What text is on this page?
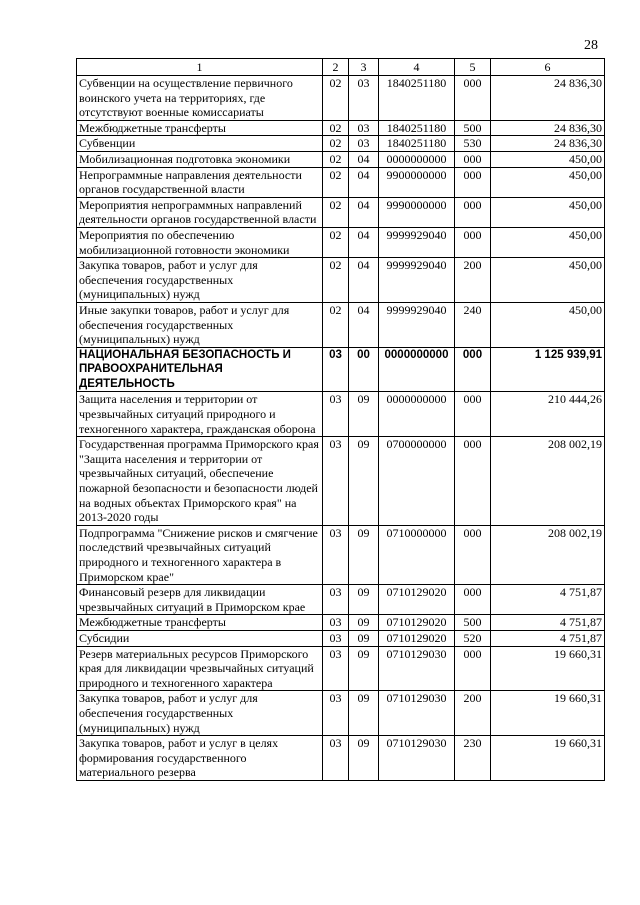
28
1	2	3	4	5	6
Субвенции на осуществление первичного воинского учета на территориях, где отсутствуют военные комиссариаты	02	03	1840251180	000	24 836,30
Межбюджетные трансферты	02	03	1840251180	500	24 836,30
Субвенции	02	03	1840251180	530	24 836,30
Мобилизационная подготовка экономики	02	04	0000000000	000	450,00
Непрограммные направления деятельности органов государственной власти	02	04	9900000000	000	450,00
Мероприятия непрограммных направлений деятельности органов государственной власти	02	04	9990000000	000	450,00
Мероприятия по обеспечению мобилизационной готовности экономики	02	04	9999929040	000	450,00
Закупка товаров, работ и услуг для обеспечения государственных (муниципальных) нужд	02	04	9999929040	200	450,00
Иные закупки товаров, работ и услуг для обеспечения государственных (муниципальных) нужд	02	04	9999929040	240	450,00
НАЦИОНАЛЬНАЯ БЕЗОПАСНОСТЬ И ПРАВООХРАНИТЕЛЬНАЯ ДЕЯТЕЛЬНОСТЬ	03	00	0000000000	000	1 125 939,91
Защита населения и территории от чрезвычайных ситуаций природного и техногенного характера, гражданская оборона	03	09	0000000000	000	210 444,26
Государственная программа Приморского края "Защита населения и территории от чрезвычайных ситуаций, обеспечение пожарной безопасности и безопасности людей на водных объектах Приморского края" на 2013-2020 годы	03	09	0700000000	000	208 002,19
Подпрограмма "Снижение рисков и смягчение последствий чрезвычайных ситуаций природного и техногенного характера в Приморском крае"	03	09	0710000000	000	208 002,19
Финансовый резерв для ликвидации чрезвычайных ситуаций в Приморском крае	03	09	0710129020	000	4 751,87
Межбюджетные трансферты	03	09	0710129020	500	4 751,87
Субсидии	03	09	0710129020	520	4 751,87
Резерв материальных ресурсов Приморского края для ликвидации чрезвычайных ситуаций природного и техногенного характера	03	09	0710129030	000	19 660,31
Закупка товаров, работ и услуг для обеспечения государственных (муниципальных) нужд	03	09	0710129030	200	19 660,31
Закупка товаров, работ и услуг в целях формирования государственного материального резерва	03	09	0710129030	230	19 660,31
